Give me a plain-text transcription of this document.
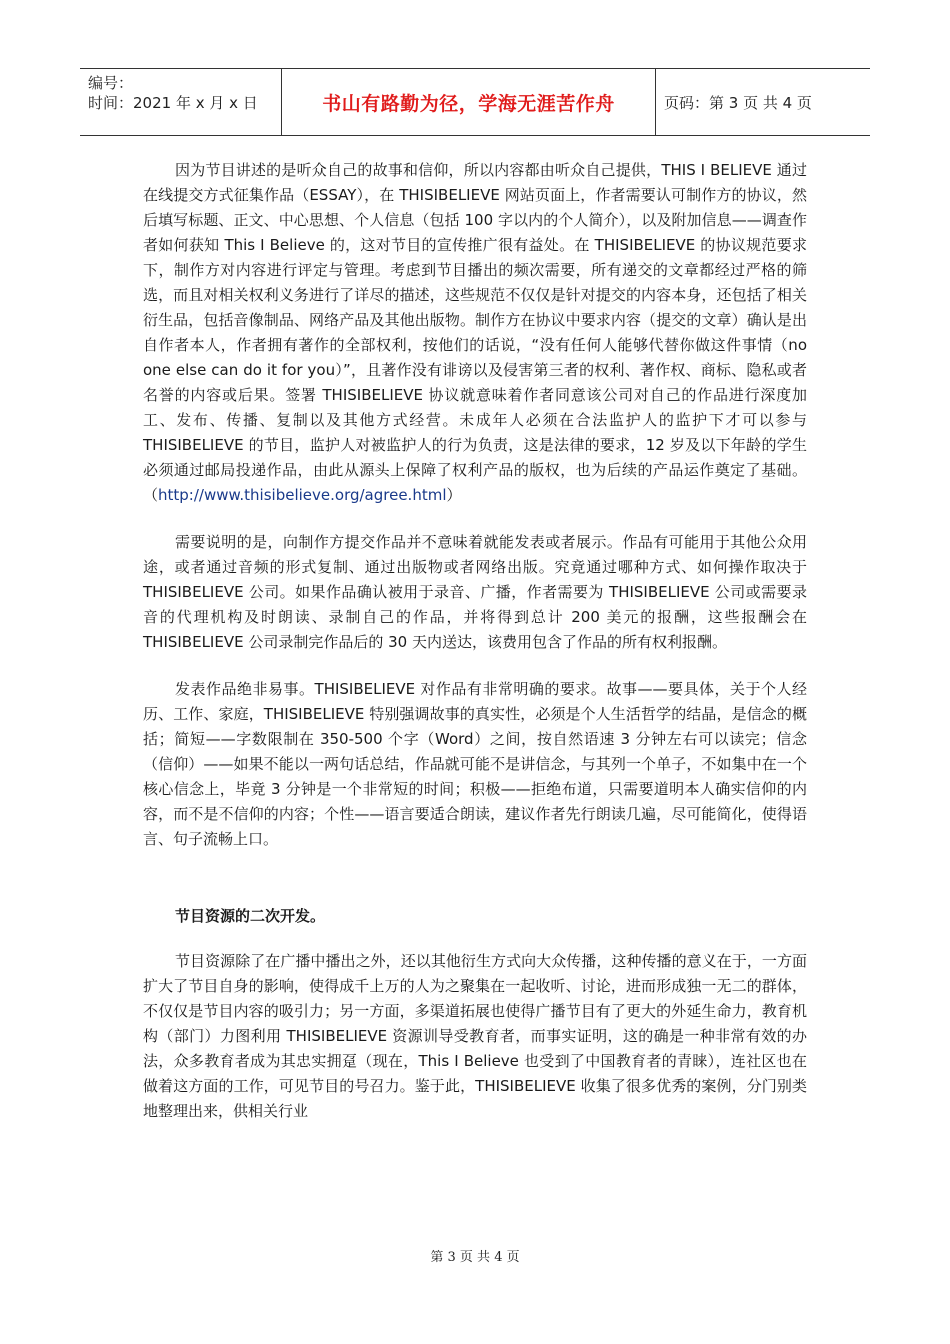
编号：
时间：2021 年 x 月 x 日	书山有路勤为径，学海无涯苦作舟	页码：第 3 页 共 4 页

因为节目讲述的是听众自己的故事和信仰，所以内容都由听众自己提供，THIS I BELIEVE 通过在线提交方式征集作品（ESSAY），在 THISIBELIEVE 网站页面上，作者需要认可制作方的协议，然后填写标题、正文、中心思想、个人信息（包括 100 字以内的个人简介），以及附加信息——调查作者如何获知 This I Believe 的，这对节目的宣传推广很有益处。在 THISIBELIEVE 的协议规范要求下，制作方对内容进行评定与管理。考虑到节目播出的频次需要，所有递交的文章都经过严格的筛选，而且对相关权利义务进行了详尽的描述，这些规范不仅仅是针对提交的内容本身，还包括了相关衍生品，包括音像制品、网络产品及其他出版物。制作方在协议中要求内容（提交的文章）确认是出自作者本人，作者拥有著作的全部权利，按他们的话说，“没有任何人能够代替你做这件事情（no one else can do it for you）”，且著作没有诽谤以及侵害第三者的权利、著作权、商标、隐私或者名誉的内容或后果。签署 THISIBELIEVE 协议就意味着作者同意该公司对自己的作品进行深度加工、发布、传播、复制以及其他方式经营。未成年人必须在合法监护人的监护下才可以参与 THISIBELIEVE 的节目，监护人对被监护人的行为负责，这是法律的要求，12 岁及以下年龄的学生必须通过邮局投递作品，由此从源头上保障了权利产品的版权，也为后续的产品运作奠定了基础。（http://www.thisibelieve.org/agree.html）

需要说明的是，向制作方提交作品并不意味着就能发表或者展示。作品有可能用于其他公众用途，或者通过音频的形式复制、通过出版物或者网络出版。究竟通过哪种方式、如何操作取决于 THISIBELIEVE 公司。如果作品确认被用于录音、广播，作者需要为 THISIBELIEVE 公司或需要录音的代理机构及时朗读、录制自己的作品，并将得到总计 200 美元的报酬，这些报酬会在 THISIBELIEVE 公司录制完作品后的 30 天内送达，该费用包含了作品的所有权利报酬。

发表作品绝非易事。THISIBELIEVE 对作品有非常明确的要求。故事——要具体，关于个人经历、工作、家庭，THISIBELIEVE 特别强调故事的真实性，必须是个人生活哲学的结晶，是信念的概括；简短——字数限制在 350-500 个字（Word）之间，按自然语速 3 分钟左右可以读完；信念（信仰）——如果不能以一两句话总结，作品就可能不是讲信念，与其列一个单子，不如集中在一个核心信念上，毕竟 3 分钟是一个非常短的时间；积极——拒绝布道，只需要道明本人确实信仰的内容，而不是不信仰的内容；个性——语言要适合朗读，建议作者先行朗读几遍，尽可能简化，使得语言、句子流畅上口。

节目资源的二次开发。

节目资源除了在广播中播出之外，还以其他衍生方式向大众传播，这种传播的意义在于，一方面扩大了节目自身的影响，使得成千上万的人为之聚集在一起收听、讨论，进而形成独一无二的群体，不仅仅是节目内容的吸引力；另一方面，多渠道拓展也使得广播节目有了更大的外延生命力，教育机构（部门）力图利用 THISIBELIEVE 资源训导受教育者，而事实证明，这的确是一种非常有效的办法，众多教育者成为其忠实拥趸（现在，This I Believe 也受到了中国教育者的青睐），连社区也在做着这方面的工作，可见节目的号召力。鉴于此，THISIBELIEVE 收集了很多优秀的案例，分门别类地整理出来，供相关行业

第 3 页 共 4 页
